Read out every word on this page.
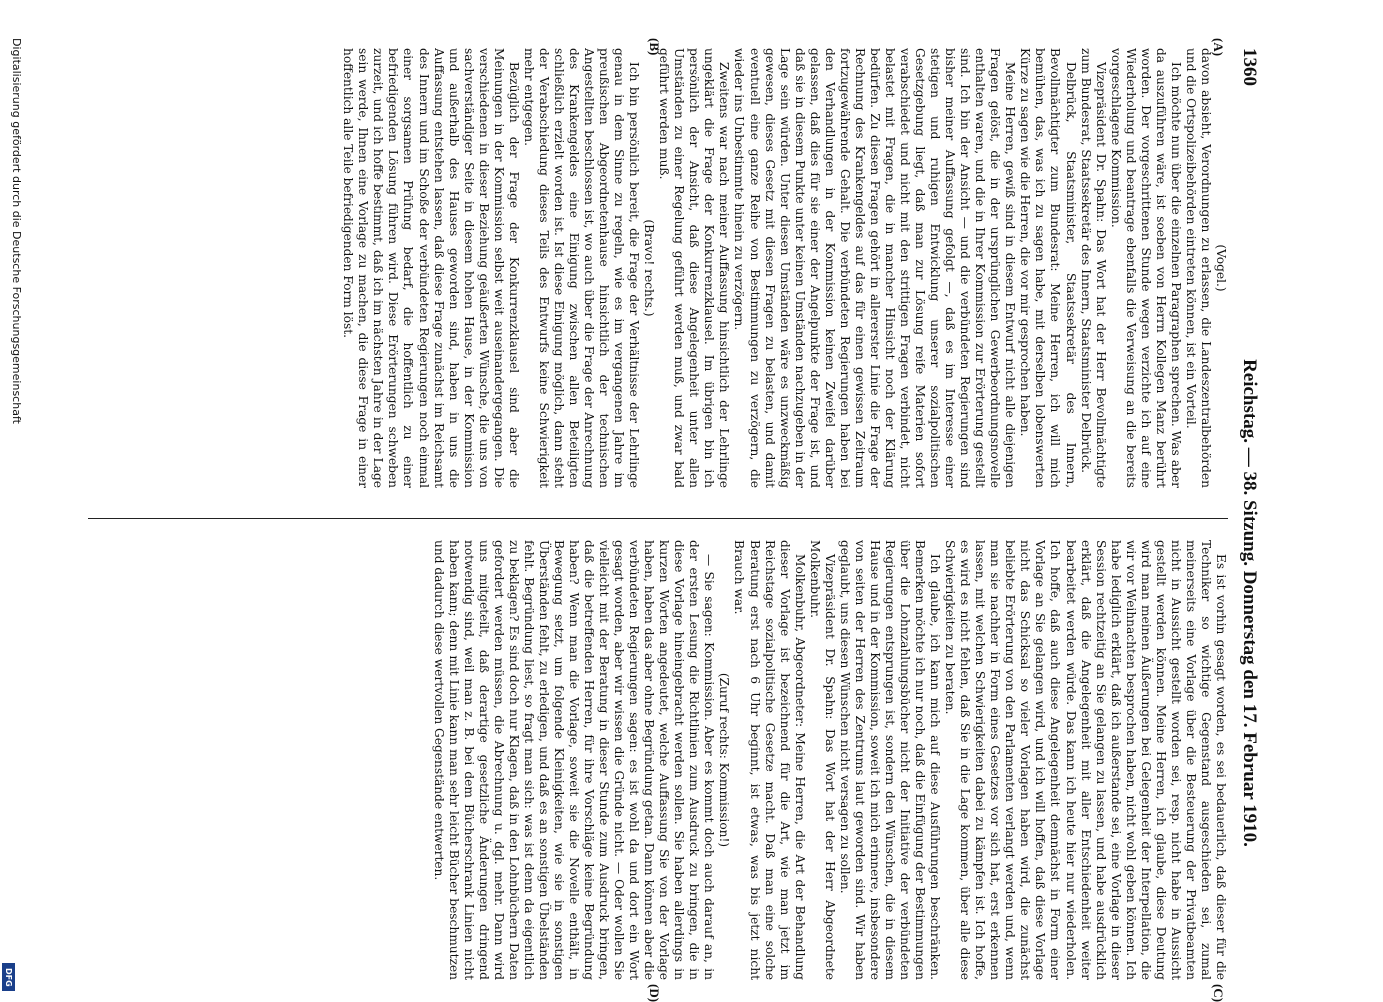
1360
Reichstag. — 38. Sitzung. Donnerstag den 17. Februar 1910.
(A)
(B)
(C)
(D)

(Vogel.)

davon absieht, Verordnungen zu erlassen, die Landeszentralbehörden und die Ortspolizeibehörden eintreten können, ist ein Vorteil.

Ich möchte nun über die einzelnen Paragraphen sprechen. Was aber da auszuführen wäre, ist soeben von Herrn Kollegen Manz berührt worden. Der vorgeschrittenen Stunde wegen verzichte ich auf eine Wiederholung und beantrage ebenfalls die Verweisung an die bereits vorgeschlagene Kommission.

Vizepräsident Dr. Spahn: Das Wort hat der Herr Bevollmächtigte zum Bundesrat, Staatssekretär des Innern, Staatsminister Delbrück.

Delbrück, Staatsminister, Staatssekretär des Innern, Bevollmächtigter zum Bundesrat: Meine Herren, ich will mich bemühen, das, was ich zu sagen habe, mit derselben lobenswerten Kürze zu sagen wie die Herren, die vor mir gesprochen haben.

Meine Herren, gewiß sind in diesem Entwurf nicht alle diejenigen Fragen gelöst, die in der ursprünglichen Gewerbeordnungsnovelle enthalten waren, und die in Ihrer Kommission zur Erörterung gestellt sind. Ich bin der Ansicht — und die verbündeten Regierungen sind bisher meiner Auffassung gefolgt —, daß es im Interesse einer stetigen und ruhigen Entwicklung unserer sozialpolitischen Gesetzgebung liegt, daß man zur Lösung reife Materien sofort verabschiedet und nicht mit den strittigen Fragen verbindet, nicht belastet mit Fragen, die in mancher Hinsicht noch der Klärung bedürfen. Zu diesen Fragen gehört in allererster Linie die Frage der Rechnung des Krankengeldes auf das für einen gewissen Zeitraum fortzugewährende Gehalt. Die verbündeten Regierungen haben bei den Verhandlungen in der Kommission keinen Zweifel darüber gelassen, daß dies für sie einer der Angelpunkte der Frage ist, und daß sie in diesem Punkte unter keinen Umständen nachzugeben in der Lage sein würden. Unter diesen Umständen wäre es unzweckmäßig gewesen, dieses Gesetz mit diesen Fragen zu belasten, und damit eventuell eine ganze Reihe von Bestimmungen zu verzögern, die wieder ins Unbestimmte hinein zu verzögern.

Zweitens war nach meiner Auffassung hinsichtlich der Lehrlinge ungeklärt die Frage der Konkurrenzklausel. Im übrigen bin ich persönlich der Ansicht, daß diese Angelegenheit unter allen Umständen zu einer Regelung geführt werden muß, und zwar bald geführt werden muß.

(Bravo! rechts.)

Ich bin persönlich bereit, die Frage der Verhältnisse der Lehrlinge genau in dem Sinne zu regeln, wie es im vergangenen Jahre im preußischen Abgeordnetenhause hinsichtlich der technischen Angestellten beschlossen ist, wo auch über die Frage der Anrechnung des Krankengeldes eine Einigung zwischen allen Beteiligten schließlich erzielt worden ist. Ist diese Einigung möglich, dann steht der Verabschiedung dieses Teils des Entwurfs keine Schwierigkeit mehr entgegen.

Bezüglich der Frage der Konkurrenzklausel sind aber die Meinungen in der Kommission selbst weit auseinandergegangen. Die verschiedenen in dieser Beziehung geäußerten Wünsche, die uns von sachverständiger Seite in diesem hohen Hause, in der Kommission und außerhalb des Hauses geworden sind, haben in uns die Auffassung entstehen lassen, daß diese Frage zunächst im Reichsamt des Innern und im Schoße der verbündeten Regierungen noch einmal einer sorgsamen Prüfung bedarf, die hoffentlich zu einer befriedigenden Lösung führen wird. Diese Erörterungen schweben zurzeit, und ich hoffe bestimmt, daß ich im nächsten Jahre in der Lage sein werde, Ihnen eine Vorlage zu machen, die diese Frage in einer hoffentlich alle Teile befriedigenden Form löst.

Es ist vorhin gesagt worden, es sei bedauerlich, daß dieser für die Techniker so wichtige Gegenstand ausgeschieden sei, zumal meinerseits eine Vorlage über die Besteuerung der Privatbeamten nicht in Aussicht gestellt worden sei, resp. nicht habe in Aussicht gestellt werden können. Meine Herren, ich glaube, diese Deutung wird man meinen Äußerungen bei Gelegenheit der Interpellation, die wir vor Weihnachten besprochen haben, nicht wohl geben können. Ich habe lediglich erklärt, daß ich außerstande sei, eine Vorlage in dieser Session rechtzeitig an Sie gelangen zu lassen, und habe ausdrücklich erklärt, daß die Angelegenheit mit aller Entschiedenheit weiter bearbeitet werden würde. Das kann ich heute hier nur wiederholen. Ich hoffe, daß auch diese Angelegenheit demnächst in Form einer Vorlage an Sie gelangen wird, und ich will hoffen, daß diese Vorlage nicht das Schicksal so vieler Vorlagen haben wird, die zunächst beliebte Erörterung von den Parlamenten verlangt werden und, wenn man sie nachher in Form eines Gesetzes vor sich hat, erst erkennen lassen, mit welchen Schwierigkeiten dabei zu kämpfen ist. Ich hoffe, es wird es nicht fehlen, daß Sie in die Lage kommen, über alle diese Schwierigkeiten zu beraten.

Ich glaube, ich kann mich auf diese Ausführungen beschränken. Bemerken möchte ich nur noch, daß die Einfügung der Bestimmungen über die Lohnzahlungsbücher nicht der Initiative der verbündeten Regierungen entsprungen ist, sondern den Wünschen, die in diesem Hause und in der Kommission, soweit ich mich erinnere, insbesondere von seiten der Herren des Zentrums laut geworden sind. Wir haben geglaubt, uns diesen Wünschen nicht versagen zu sollen.

Vizepräsident Dr. Spahn: Das Wort hat der Herr Abgeordnete Molkenbuhr.

Molkenbuhr, Abgeordneter: Meine Herren, die Art der Behandlung dieser Vorlage ist bezeichnend für die Art, wie man jetzt im Reichstage sozialpolitische Gesetze macht. Daß man eine solche Beratung erst nach 6 Uhr beginnt, ist etwas, was bis jetzt nicht Brauch war.

(Zuruf rechts: Kommission!)

— Sie sagen: Kommission. Aber es kommt doch auch darauf an, in der ersten Lesung die Richtlinien zum Ausdruck zu bringen, die in diese Vorlage hineingebracht werden sollen. Sie haben allerdings in kurzen Worten angedeutet, welche Auffassung Sie von der Vorlage haben, haben das aber ohne Begründung getan. Dann können aber die verbündeten Regierungen sagen: es ist wohl da und dort ein Wort gesagt worden, aber wir wissen die Gründe nicht. — Oder wollen Sie vielleicht mit der Beratung in dieser Stunde zum Ausdruck bringen, daß die betreffenden Herren, für ihre Vorschläge keine Begründung haben? Wenn man die Vorlage, soweit sie die Novelle enthält, in Bewegung setzt, um folgende Kleinigkeiten, wie sie in sonstigen Überständen fehlt, zu erledigen, und daß es an sonstigen Übelständen fehlt. Begründung liest, so fragt man sich: was ist denn da eigentlich zu beklagen? Es sind doch nur Klagen, daß in den Lohnbüchern Daten gefordert werden müssen, die Abrechnung u. dgl. mehr. Dann wird uns mitgeteilt, daß derartige gesetzliche Änderungen dringend notwendig sind, weil man z. B. bei dem Bücherschrank Linien nicht haben kann; denn mit Linie kann man sehr leicht Bücher beschmutzen und dadurch diese wertvollen Gegenstände entwerten.

Digitalisierung gefördert durch die Deutsche Forschungsgemeinschaft
DFG
